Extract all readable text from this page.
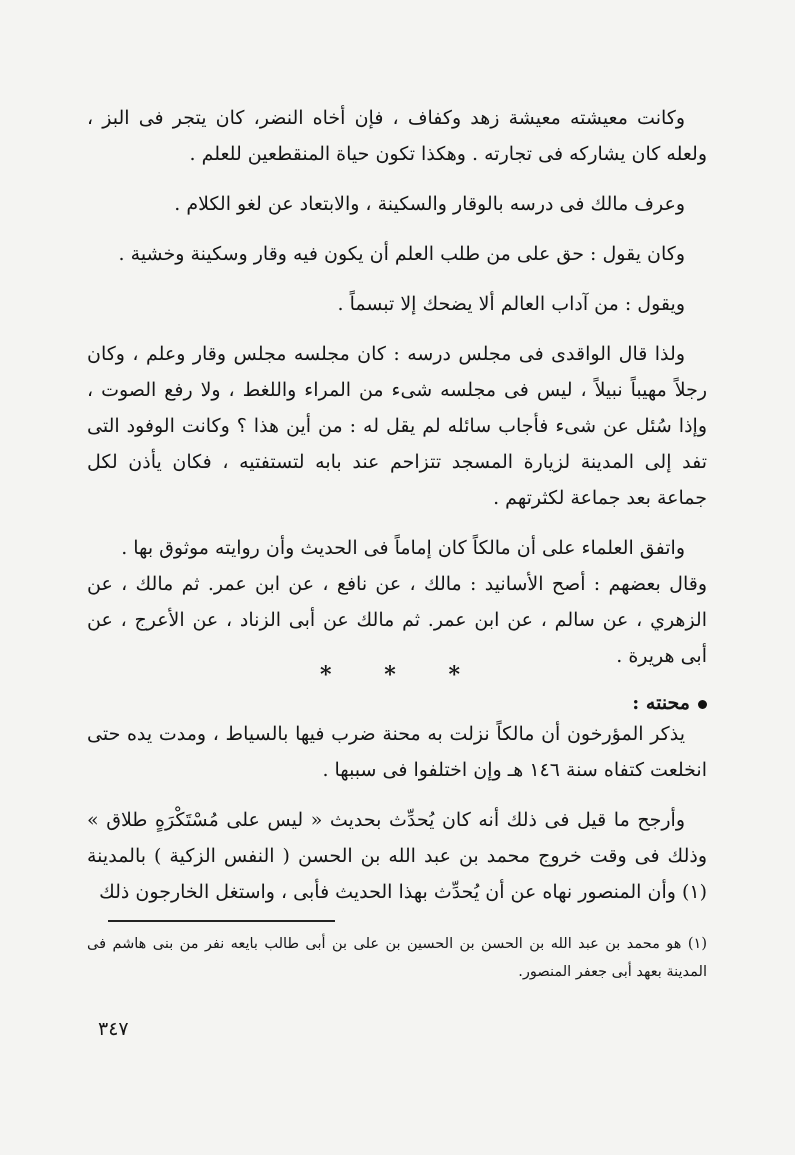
وكانت معيشته معيشة زهد وكفاف ، فإن أخاه النضر، كان يتجر فى البز ، ولعله كان يشاركه فى تجارته . وهكذا تكون حياة المنقطعين للعلم .

وعرف مالك فى درسه بالوقار والسكينة ، والابتعاد عن لغو الكلام .

وكان يقول : حق على من طلب العلم أن يكون فيه وقار وسكينة وخشية .

ويقول : من آداب العالم ألا يضحك إلا تبسماً .

ولذا قال الواقدى فى مجلس درسه : كان مجلسه مجلس وقار وعلم ، وكان رجلاً مهيباً نبيلاً ، ليس فى مجلسه شىء من المراء واللغط ، ولا رفع الصوت ، وإذا سُئل عن شىء فأجاب سائله لم يقل له : من أين هذا ؟ وكانت الوفود التى تفد إلى المدينة لزيارة المسجد تتزاحم عند بابه لتستفتيه ، فكان يأذن لكل جماعة بعد جماعة لكثرتهم .

واتفق العلماء على أن مالكاً كان إماماً فى الحديث وأن روايته موثوق بها .

وقال بعضهم : أصح الأسانيد : مالك ، عن نافع ، عن ابن عمر. ثم مالك ، عن الزهري ، عن سالم ، عن ابن عمر. ثم مالك عن أبى الزناد ، عن الأعرج ، عن أبى هريرة .

*
*
*
محنته :

يذكر المؤرخون أن مالكاً نزلت به محنة ضرب فيها بالسياط ، ومدت يده حتى انخلعت كتفاه سنة ١٤٦ هـ وإن اختلفوا فى سببها .

وأرجح ما قيل فى ذلك أنه كان يُحدِّث بحديث « ليس على مُسْتَكْرَهٍ طلاق » وذلك فى وقت خروج محمد بن عبد الله بن الحسن ( النفس الزكية ) بالمدينة (١) وأن المنصور نهاه عن أن يُحدِّث بهذا الحديث فأبى ، واستغل الخارجون ذلك

(١) هو محمد بن عبد الله بن الحسن بن الحسين بن على بن أبى طالب بايعه نفر من بنى هاشم فى المدينة بعهد أبى جعفر المنصور.

٣٤٧
